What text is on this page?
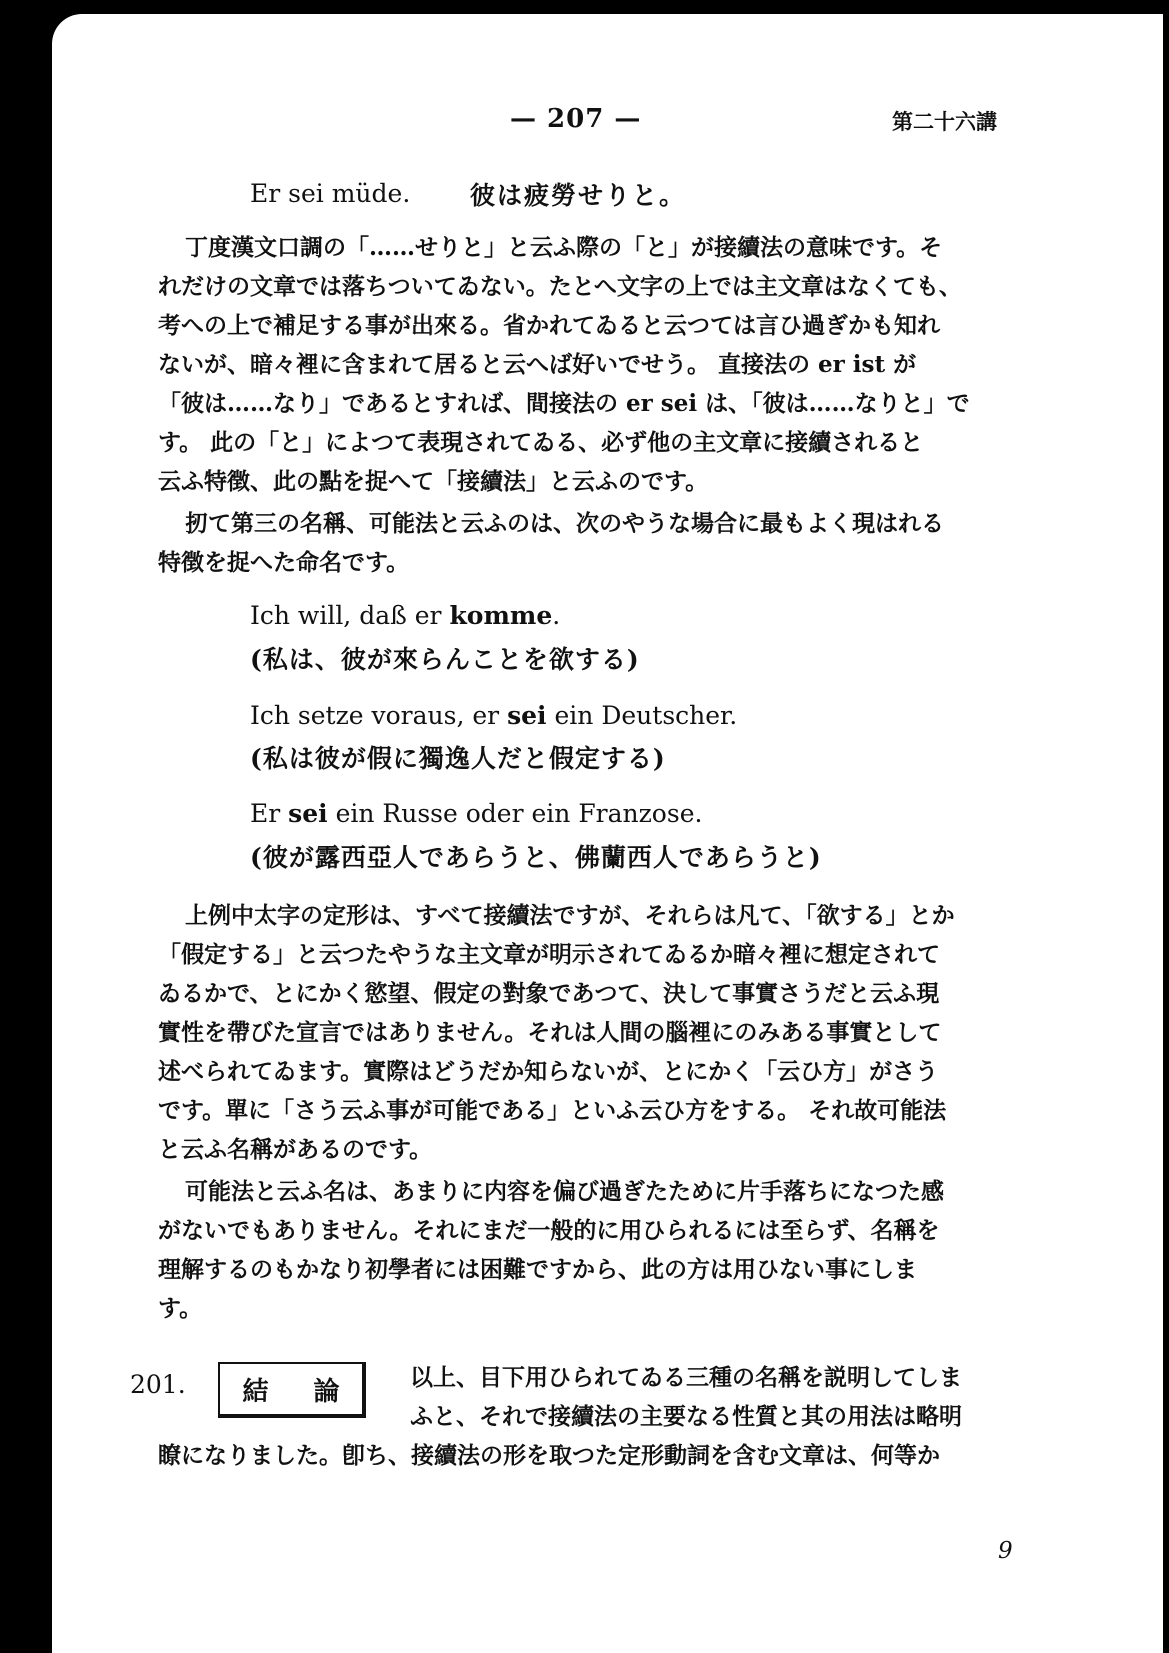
— 207 —	第二十六講
Er sei müde. 彼は疲勞せりと。
丁度漢文口調の「……せりと」と云ふ際の「と」が接續法の意味です。そ
れだけの文章では落ちついてゐない。たとへ文字の上では主文章はなくても、
考への上で補足する事が出來る。省かれてゐると云つては言ひ過ぎかも知れ
ないが、暗々裡に含まれて居ると云へば好いでせう。 直接法の er ist が
「彼は……なり」であるとすれば、間接法の er sei は、「彼は……なりと」で
す。 此の「と」によつて表現されてゐる、必ず他の主文章に接續されると
云ふ特徴、此の點を捉へて「接續法」と云ふのです。
扨て第三の名稱、可能法と云ふのは、次のやうな場合に最もよく現はれる
特徴を捉へた命名です。
Ich will, daß er komme.
(私は、彼が來らんことを欲する)
Ich setze voraus, er sei ein Deutscher.
(私は彼が假に獨逸人だと假定する)
Er sei ein Russe oder ein Franzose.
(彼が露西亞人であらうと、佛蘭西人であらうと)
上例中太字の定形は、すべて接續法ですが、それらは凡て、「欲する」とか
「假定する」と云つたやうな主文章が明示されてゐるか暗々裡に想定されて
ゐるかで、とにかく慾望、假定の對象であつて、決して事實さうだと云ふ現
實性を帶びた宣言ではありません。それは人間の腦裡にのみある事實として
述べられてゐます。實際はどうだか知らないが、とにかく「云ひ方」がさう
です。單に「さう云ふ事が可能である」といふ云ひ方をする。 それ故可能法
と云ふ名稱があるのです。
可能法と云ふ名は、あまりに内容を偏び過ぎたために片手落ちになつた感
がないでもありません。それにまだ一般的に用ひられるには至らず、名稱を
理解するのもかなり初學者には困難ですから、此の方は用ひない事にしま
す。
201.	結 論	以上、目下用ひられてゐる三種の名稱を説明してしま
ふと、それで接續法の主要なる性質と其の用法は略明
瞭になりました。卽ち、接續法の形を取つた定形動詞を含む文章は、何等か
9
